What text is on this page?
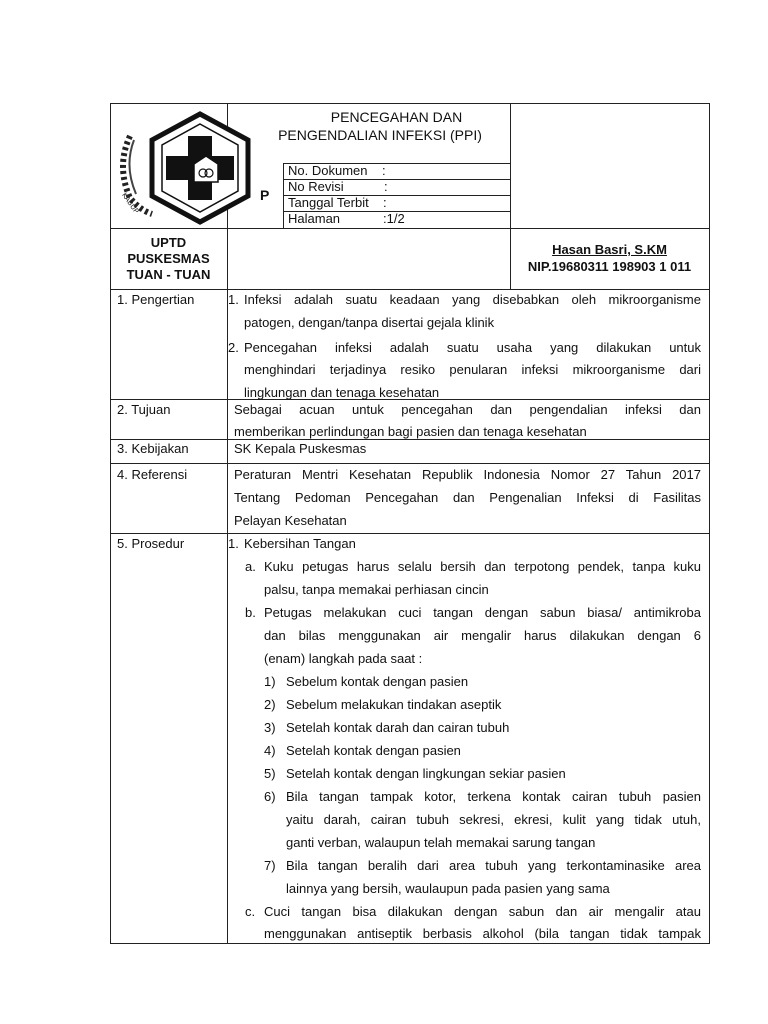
KABUP
PENCEGAHAN DAN
PENGENDALIAN INFEKSI (PPI)
P
No. Dokumen :
No Revisi	:
Tanggal Terbit :
Halaman	:1/2
UPTD
PUSKESMAS
TUAN - TUAN
Hasan Basri, S.KM
NIP.19680311 198903 1 011
1. Pengertian	1. Infeksi adalah suatu keadaan yang disebabkan oleh mikroorganisme
patogen, dengan/tanpa disertai gejala klinik
2. Pencegahan infeksi adalah suatu usaha yang dilakukan untuk
menghindari terjadinya resiko penularan infeksi mikroorganisme dari
lingkungan dan tenaga kesehatan
2. Tujuan	Sebagai acuan untuk pencegahan dan pengendalian infeksi dan
memberikan perlindungan bagi pasien dan tenaga kesehatan
3. Kebijakan	SK Kepala Puskesmas
4. Referensi	Peraturan Mentri Kesehatan Republik Indonesia Nomor 27 Tahun 2017
Tentang Pedoman Pencegahan dan Pengenalian Infeksi di Fasilitas
Pelayan Kesehatan
5. Prosedur	1. Kebersihan Tangan
a. Kuku petugas harus selalu bersih dan terpotong pendek, tanpa kuku
palsu, tanpa memakai perhiasan cincin
b. Petugas melakukan cuci tangan dengan sabun biasa/ antimikroba
dan bilas menggunakan air mengalir harus dilakukan dengan 6
(enam) langkah pada saat :
1) Sebelum kontak dengan pasien
2) Sebelum melakukan tindakan aseptik
3) Setelah kontak darah dan cairan tubuh
4) Setelah kontak dengan pasien
5) Setelah kontak dengan lingkungan sekiar pasien
6) Bila tangan tampak kotor, terkena kontak cairan tubuh pasien
yaitu darah, cairan tubuh sekresi, ekresi, kulit yang tidak utuh,
ganti verban, walaupun telah memakai sarung tangan
7) Bila tangan beralih dari area tubuh yang terkontaminasike area
lainnya yang bersih, waulaupun pada pasien yang sama
c. Cuci tangan bisa dilakukan dengan sabun dan air mengalir atau
menggunakan antiseptik berbasis alkohol (bila tangan tidak tampak
